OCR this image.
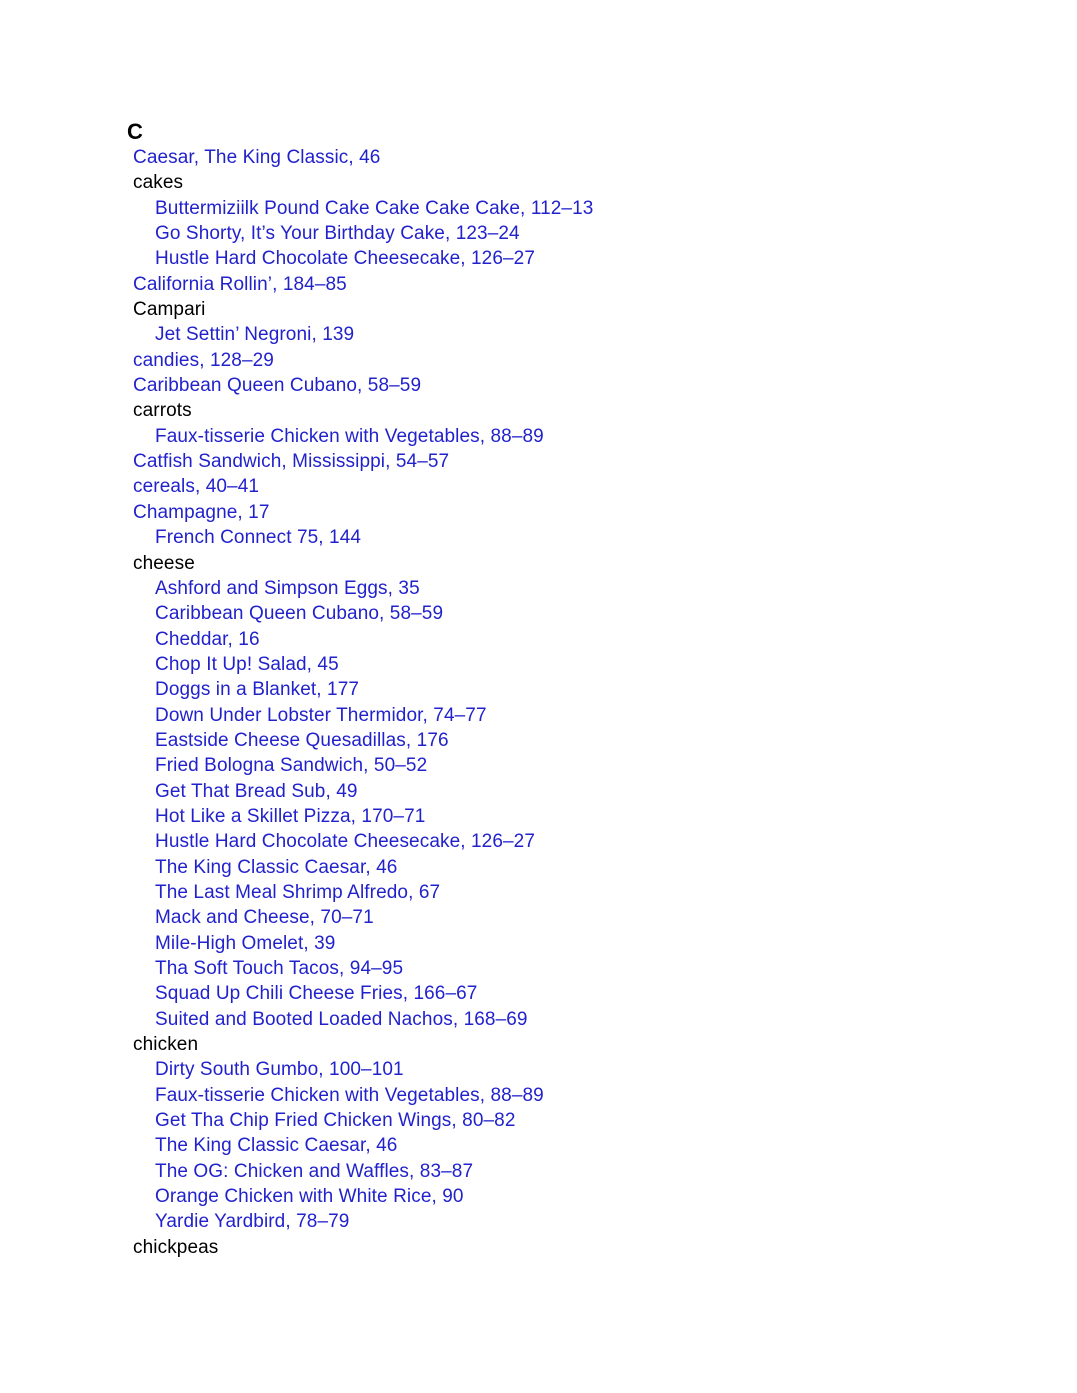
C
Caesar, The King Classic, 46
cakes
Buttermiziilk Pound Cake Cake Cake Cake, 112–13
Go Shorty, It’s Your Birthday Cake, 123–24
Hustle Hard Chocolate Cheesecake, 126–27
California Rollin’, 184–85
Campari
Jet Settin’ Negroni, 139
candies, 128–29
Caribbean Queen Cubano, 58–59
carrots
Faux-tisserie Chicken with Vegetables, 88–89
Catfish Sandwich, Mississippi, 54–57
cereals, 40–41
Champagne, 17
French Connect 75, 144
cheese
Ashford and Simpson Eggs, 35
Caribbean Queen Cubano, 58–59
Cheddar, 16
Chop It Up! Salad, 45
Doggs in a Blanket, 177
Down Under Lobster Thermidor, 74–77
Eastside Cheese Quesadillas, 176
Fried Bologna Sandwich, 50–52
Get That Bread Sub, 49
Hot Like a Skillet Pizza, 170–71
Hustle Hard Chocolate Cheesecake, 126–27
The King Classic Caesar, 46
The Last Meal Shrimp Alfredo, 67
Mack and Cheese, 70–71
Mile-High Omelet, 39
Tha Soft Touch Tacos, 94–95
Squad Up Chili Cheese Fries, 166–67
Suited and Booted Loaded Nachos, 168–69
chicken
Dirty South Gumbo, 100–101
Faux-tisserie Chicken with Vegetables, 88–89
Get Tha Chip Fried Chicken Wings, 80–82
The King Classic Caesar, 46
The OG: Chicken and Waffles, 83–87
Orange Chicken with White Rice, 90
Yardie Yardbird, 78–79
chickpeas
